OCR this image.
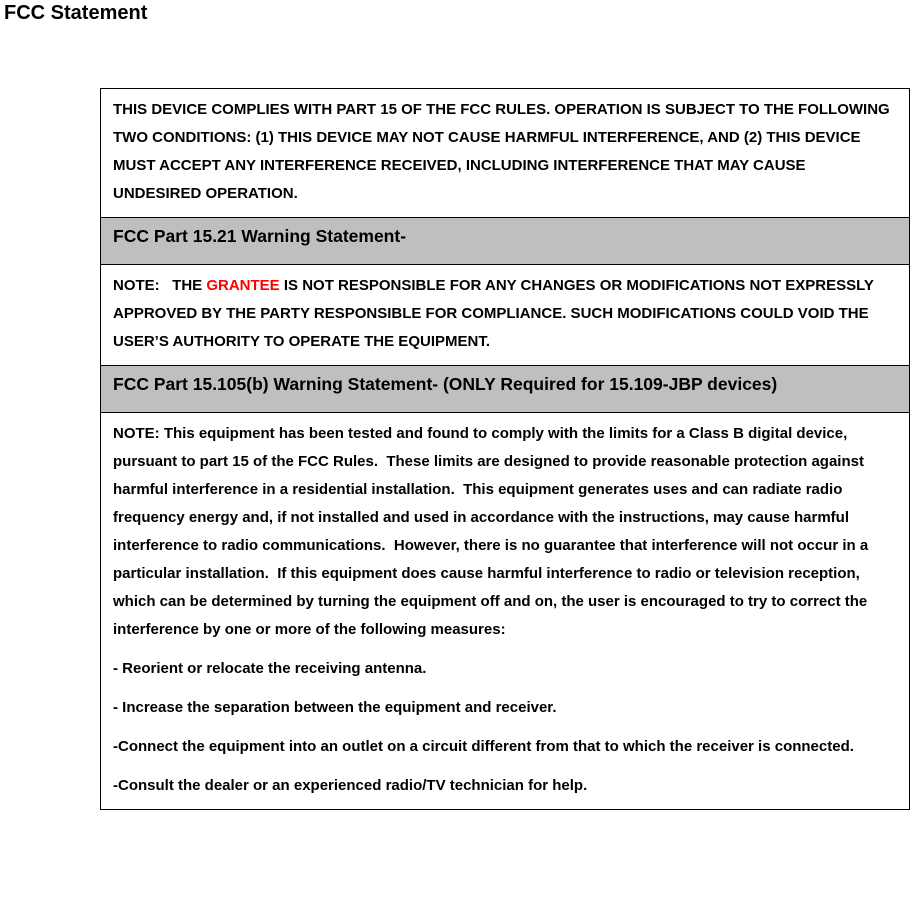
FCC Statement
THIS DEVICE COMPLIES WITH PART 15 OF THE FCC RULES. OPERATION IS SUBJECT TO THE FOLLOWING TWO CONDITIONS: (1) THIS DEVICE MAY NOT CAUSE HARMFUL INTERFERENCE, AND (2) THIS DEVICE MUST ACCEPT ANY INTERFERENCE RECEIVED, INCLUDING INTERFERENCE THAT MAY CAUSE UNDESIRED OPERATION.
FCC Part 15.21 Warning Statement-
NOTE:   THE GRANTEE IS NOT RESPONSIBLE FOR ANY CHANGES OR MODIFICATIONS NOT EXPRESSLY APPROVED BY THE PARTY RESPONSIBLE FOR COMPLIANCE. SUCH MODIFICATIONS COULD VOID THE USER’S AUTHORITY TO OPERATE THE EQUIPMENT.
FCC Part 15.105(b) Warning Statement- (ONLY Required for 15.109-JBP devices)

NOTE: This equipment has been tested and found to comply with the limits for a Class B digital device, pursuant to part 15 of the FCC Rules.  These limits are designed to provide reasonable protection against harmful interference in a residential installation.  This equipment generates uses and can radiate radio frequency energy and, if not installed and used in accordance with the instructions, may cause harmful interference to radio communications.  However, there is no guarantee that interference will not occur in a particular installation.  If this equipment does cause harmful interference to radio or television reception, which can be determined by turning the equipment off and on, the user is encouraged to try to correct the interference by one or more of the following measures:

- Reorient or relocate the receiving antenna.

- Increase the separation between the equipment and receiver.

-Connect the equipment into an outlet on a circuit different from that to which the receiver is connected.

-Consult the dealer or an experienced radio/TV technician for help.
